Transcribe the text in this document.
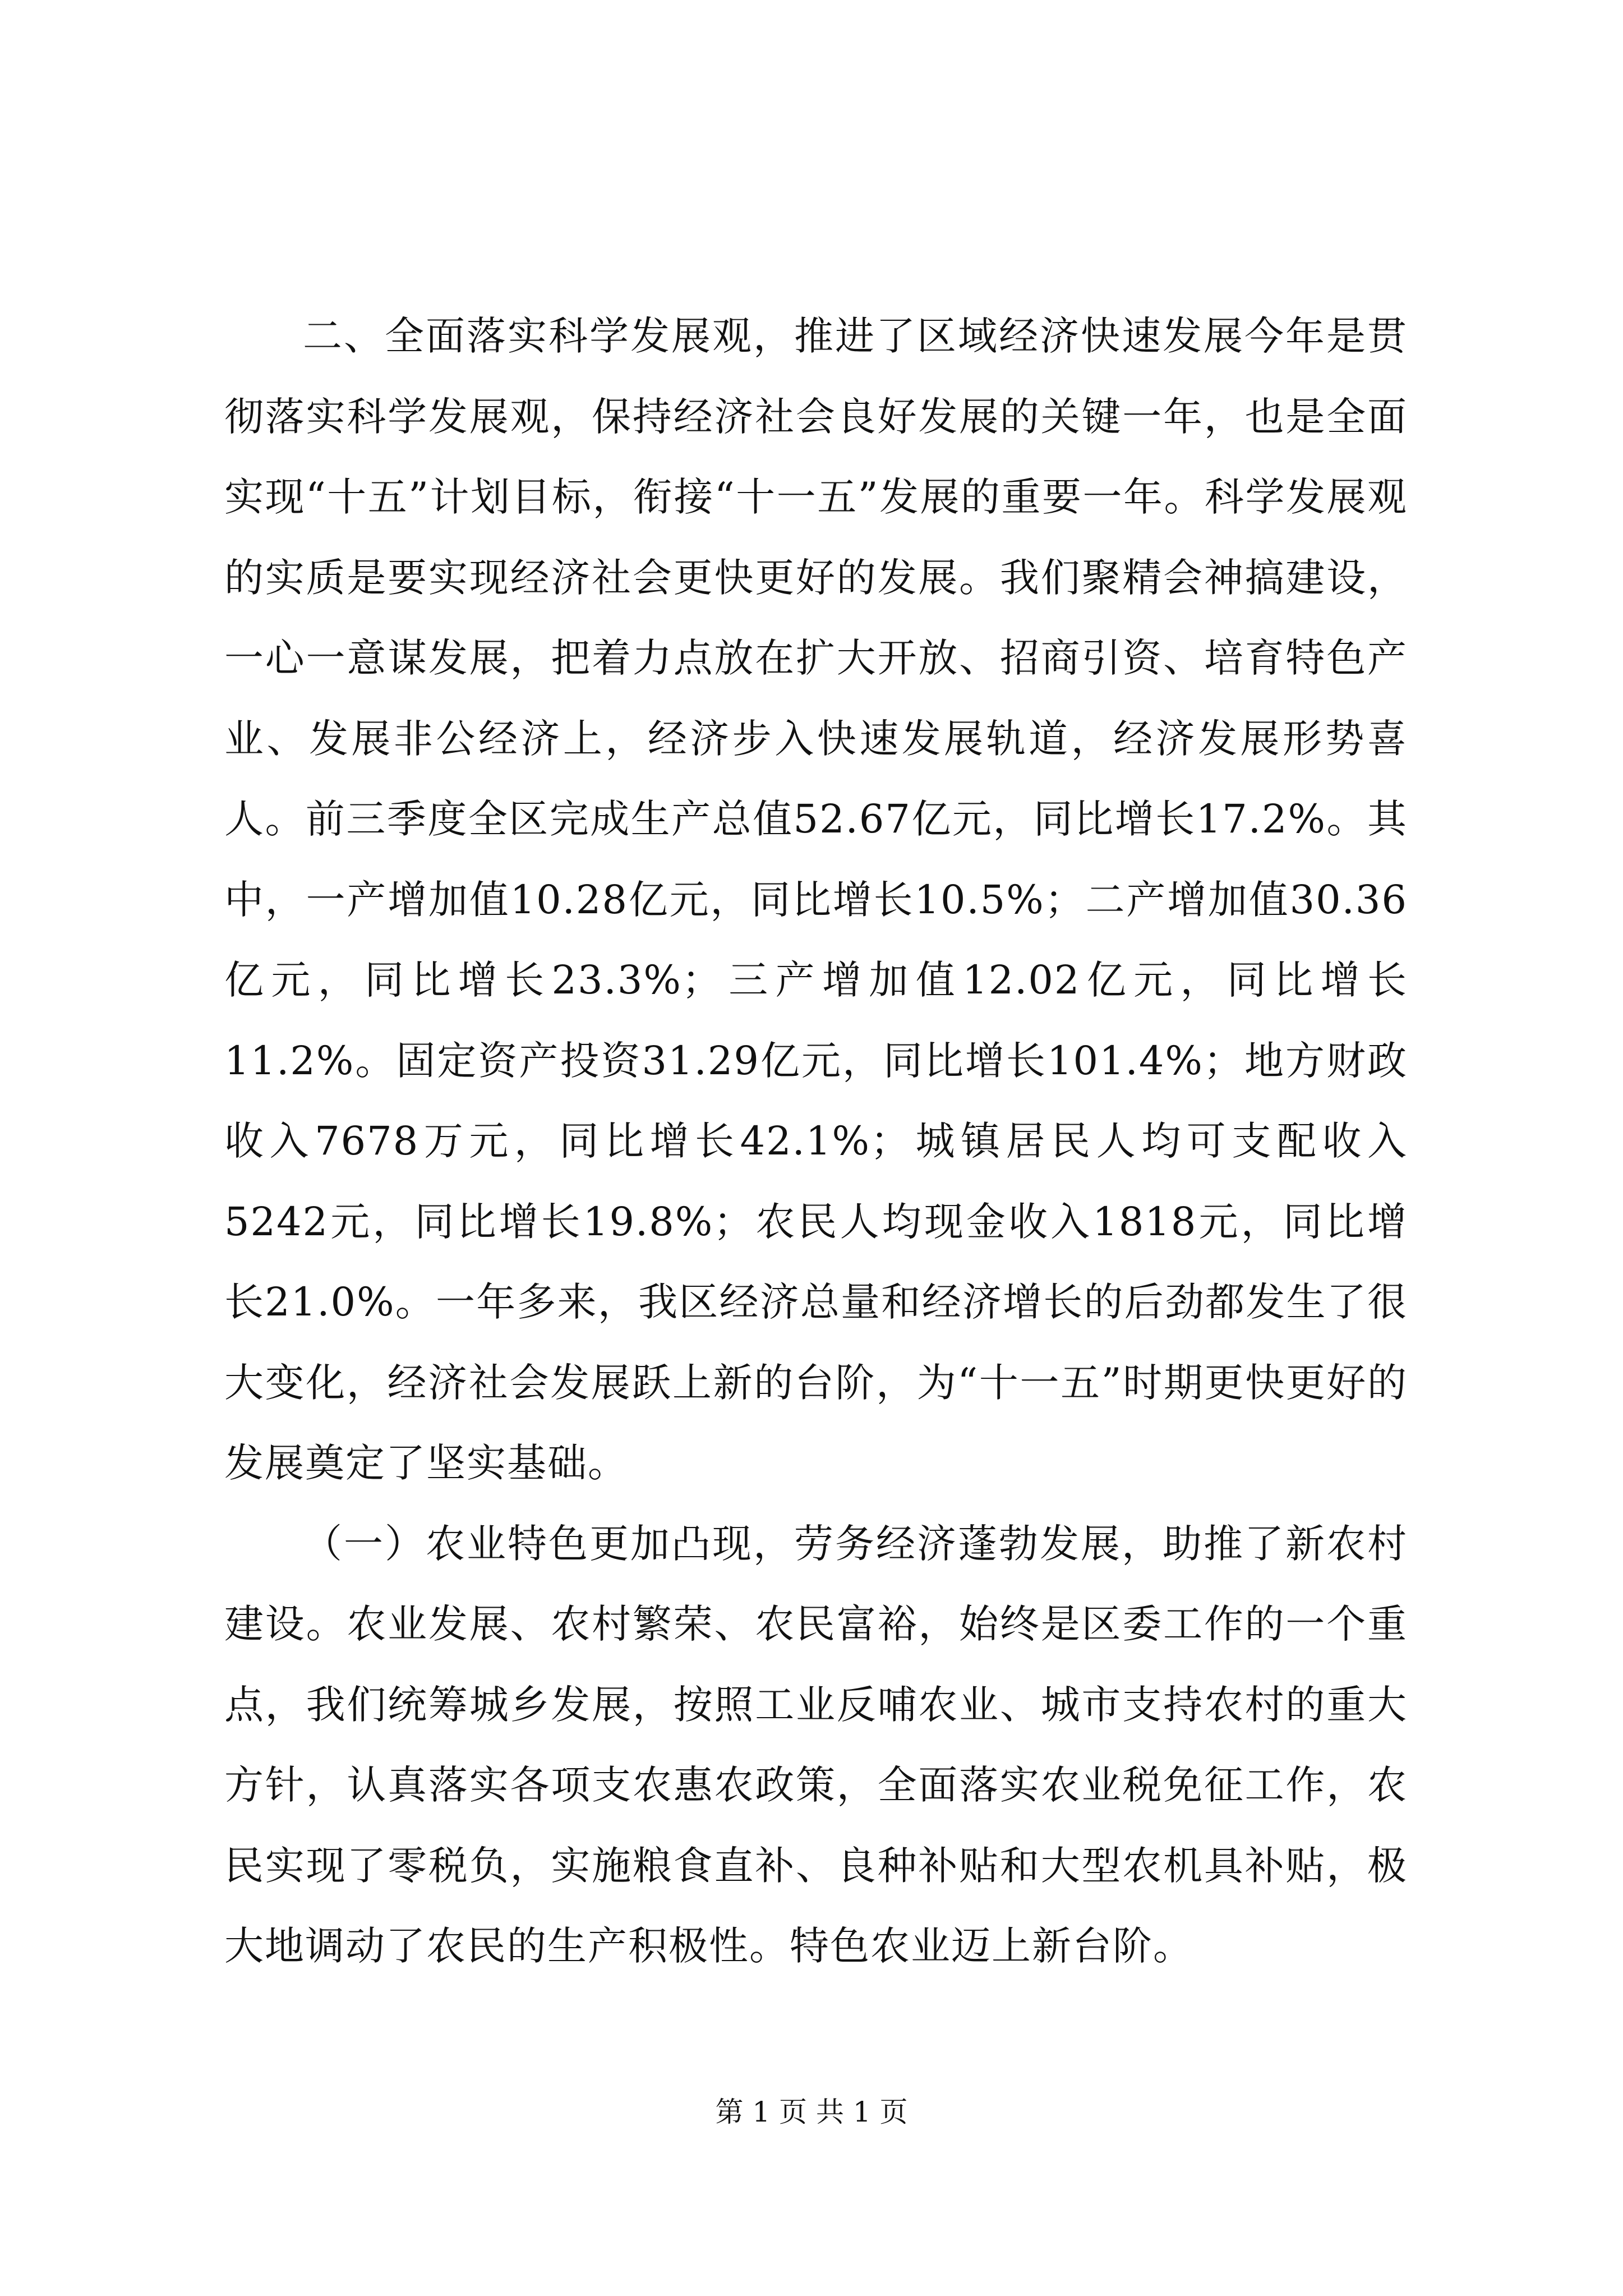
二、全面落实科学发展观，推进了区域经济快速发展今年是贯彻落实科学发展观，保持经济社会良好发展的关键一年，也是全面实现“十五”计划目标，衔接“十一五”发展的重要一年。科学发展观的实质是要实现经济社会更快更好的发展。我们聚精会神搞建设，一心一意谋发展，把着力点放在扩大开放、招商引资、培育特色产业、发展非公经济上，经济步入快速发展轨道，经济发展形势喜人。前三季度全区完成生产总值52.67亿元，同比增长17.2%。其中，一产增加值10.28亿元，同比增长10.5%；二产增加值30.36亿元，同比增长23.3%；三产增加值12.02亿元，同比增长11.2%。固定资产投资31.29亿元，同比增长101.4%；地方财政收入7678万元，同比增长42.1%；城镇居民人均可支配收入5242元，同比增长19.8%；农民人均现金收入1818元，同比增长21.0%。一年多来，我区经济总量和经济增长的后劲都发生了很大变化，经济社会发展跃上新的台阶，为“十一五”时期更快更好的发展奠定了坚实基础。

（一）农业特色更加凸现，劳务经济蓬勃发展，助推了新农村建设。农业发展、农村繁荣、农民富裕，始终是区委工作的一个重点，我们统筹城乡发展，按照工业反哺农业、城市支持农村的重大方针，认真落实各项支农惠农政策，全面落实农业税免征工作，农民实现了零税负，实施粮食直补、良种补贴和大型农机具补贴，极大地调动了农民的生产积极性。特色农业迈上新台阶。

第 1 页 共 1 页
